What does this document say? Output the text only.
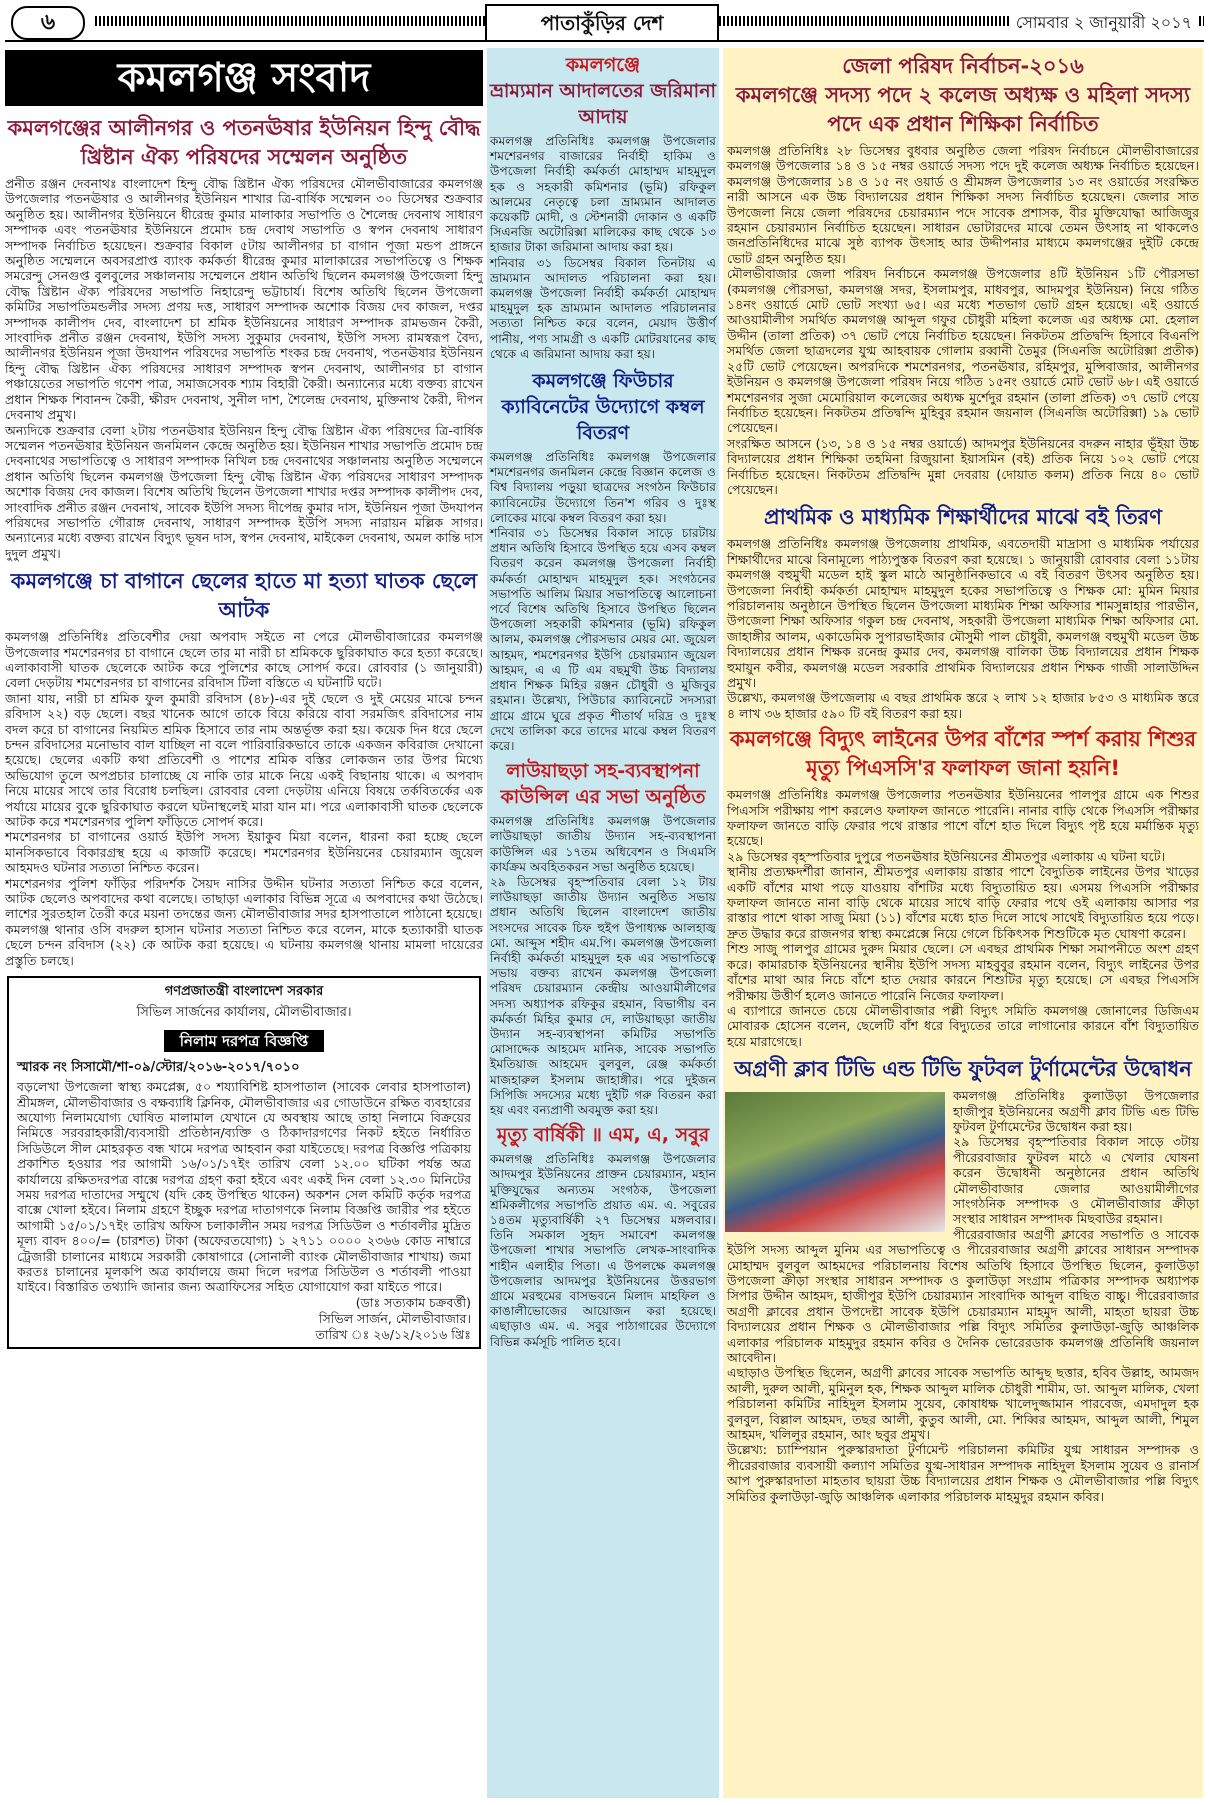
৬	পাতাকুঁড়ির দেশ	সোমবার ২ জানুয়ারী ২০১৭
কমলগঞ্জ সংবাদ
কমলগঞ্জের আলীনগর ও পতনঊষার ইউনিয়ন হিন্দু বৌদ্ধ খ্রিষ্টান ঐক্য পরিষদের সম্মেলন অনুষ্ঠিত

প্রনীত রঞ্জন দেবনাথঃ বাংলাদেশ হিন্দু বৌদ্ধ খ্রিষ্টান ঐক্য পরিষদের মৌলভীবাজারের কমলগঞ্জ উপজেলার পতনঊষার ও আলীনগর ইউনিয়ন শাখার ত্রি-বার্ষিক সম্মেলন ৩০ ডিসেম্বর শুক্রবার অনুষ্ঠিত হয়। আলীনগর ইউনিয়নে ধীরেন্দ্র কুমার মালাকার সভাপতি ও শৈলেন্দ্র দেবনাথ সাধারণ সম্পাদক এবং পতনঊষার ইউনিয়নে প্রমোদ চন্দ্র দেবাথ সভাপতি ও স্বপন দেবনাথ সাধারণ সম্পাদক নির্বাচিত হয়েছেন। শুক্রবার বিকাল ৫টায় আলীনগর চা বাগান পূজা মন্ডপ প্রাঙ্গনে অনুষ্ঠিত সম্মেলনে অবসরপ্রাপ্ত ব্যাংক কর্মকর্তা ধীরেন্দ্র কুমার মালাকারের সভাপতিত্বে ও শিক্ষক সমরেন্দু সেনগুপ্ত বুলবুলের সঞ্চালনায় সম্মেলনে প্রধান অতিথি ছিলেন কমলগঞ্জ উপজেলা হিন্দু বৌদ্ধ খ্রিষ্টান ঐক্য পরিষদের সভাপতি নিহারেন্দু ভট্টাচার্য। বিশেষ অতিথি ছিলেন উপজেলা কমিটির সভাপতিমন্ডলীর সদস্য প্রণয় দত্ত, সাধারণ সম্পাদক অশোক বিজয় দেব কাজল, দপ্তর সম্পাদক কালীপদ দেব, বাংলাদেশ চা শ্রমিক ইউনিয়নের সাধারণ সম্পাদক রামভজন কৈরী, সাংবাদিক প্রনীত রঞ্জন দেবনাথ, ইউপি সদস্য সুকুমার দেবনাথ, ইউপি সদস্য রামস্বরূপ বৈদ্য, আলীনগর ইউনিয়ন পূজা উদযাপন পরিষদের সভাপতি শংকর চন্দ্র দেবনাথ, পতনঊষার ইউনিয়ন হিন্দু বৌদ্ধ খ্রিষ্টান ঐক্য পরিষদের সাধারণ সম্পাদক স্বপন দেবনাথ, আলীনগর চা বাগান পঞ্চায়েতের সভাপতি গণেশ পাত্র, সমাজসেবক শ্যাম বিহারী কৈরী। অন্যান্যের মধ্যে বক্তব্য রাখেন প্রধান শিক্ষক শিবানন্দ কৈরী, ক্ষীরদ দেবনাথ, সুনীল দাশ, শৈলেন্দ্র দেবনাথ, মুক্তিনাথ কৈরী, দীপন দেবনাথ প্রমুখ।
অন্যদিকে শুক্রবার বেলা ২টায় পতনঊষার ইউনিয়ন হিন্দু বৌদ্ধ খ্রিষ্টান ঐক্য পরিষদের ত্রি-বার্ষিক সম্মেলন পতনঊষার ইউনিয়ন জনমিলন কেন্দ্রে অনুষ্ঠিত হয়। ইউনিয়ন শাখার সভাপতি প্রমোদ চন্দ্র দেবনাথের সভাপতিত্বে ও সাধারণ সম্পাদক নিখিল চন্দ্র দেবনাথের সঞ্চালনায় অনুষ্ঠিত সম্মেলনে প্রধান অতিথি ছিলেন কমলগঞ্জ উপজেলা হিন্দু বৌদ্ধ খ্রিষ্টান ঐক্য পরিষদের সাধারণ সম্পাদক অশোক বিজয় দেব কাজল। বিশেষ অতিথি ছিলেন উপজেলা শাখার দপ্তর সম্পাদক কালীপদ দেব, সাংবাদিক প্রনীত রঞ্জন দেবনাথ, সাবেক ইউপি সদস্য দীপেন্দ্র কুমার দাস, ইউনিয়ন পূজা উদযাপন পরিষদের সভাপতি গৌরাঙ্গ দেবনাথ, সাধারণ সম্পাদক ইউপি সদস্য নারায়ন মল্লিক সাগর। অন্যান্যের মধ্যে বক্তব্য রাখেন বিদ্যুৎ ভূষন দাস, স্বপন দেবনাথ, মাইকেল দেবনাথ, অমল কান্তি দাস দুদুল প্রমুখ।

কমলগঞ্জে চা বাগানে ছেলের হাতে মা হত্যা ঘাতক ছেলে আটক

কমলগঞ্জ প্রতিনিধিঃ প্রতিবেশীর দেয়া অপবাদ সইতে না পেরে মৌলভীবাজারের কমলগঞ্জ উপজেলার শমশেরনগর চা বাগানে ছেলে তার মা নারী চা শ্রমিককে ছুরিকাঘাত করে হত্যা করেছে। এলাকাবাসী ঘাতক ছেলেকে আটক করে পুলিশের কাছে সোপর্দ করে। রোববার (১ জানুয়ারী) বেলা দেড়টায় শমশেরনগর চা বাগানের রবিদাস টিলা বস্তিতে এ ঘটনাটি ঘটে।
জানা যায়, নারী চা শ্রমিক ফুল কুমারী রবিদাস (৪৮)-এর দুই ছেলে ও দুই মেয়ের মাঝে চন্দন রবিদাস ২২) বড় ছেলে। বছর খানেক আগে তাকে বিয়ে করিয়ে বাবা সরমজিৎ রবিদাসের নাম বদল করে চা বাগানের নিয়মিত শ্রমিক হিসাবে তার নাম অন্তর্ভূক্ত করা হয়। কয়েক দিন ধরে ছেলে চন্দন রবিদাসের মনোভাব বাল যাচ্ছিল না বলে পারিবারিকভাবে তাকে একজন কবিরাজ দেখানো হয়েছে। ছেলের একটি কথা প্রতিবেশী ও পাশের শ্রমিক বস্তির লোকজন তার উপর মিথ্যে অভিযোগ তুলে অপপ্রচার চালাচ্ছে যে নাকি তার মাকে নিয়ে একই বিছানায় থাকে। এ অপবাদ নিয়ে মায়ের সাথে তার বিরোধ চলছিল। রোববার বেলা দেড়টায় এনিয়ে বিষয়ে তর্কবিতর্কের এক পর্যায়ে মায়ের বুকে ছুরিকাঘাত করলে ঘটনাস্থলেই মারা যান মা। পরে এলাকাবাসী ঘাতক ছেলেকে আটক করে শমশেরনগর পুলিশ ফাঁড়িতে সোপর্দ করে।
শমশেরনগর চা বাগানের ওয়ার্ড ইউপি সদস্য ইয়াকুব মিয়া বলেন, ধারনা করা হচ্ছে ছেলে মানসিকভাবে বিকারগ্রস্থ হয়ে এ কাজটি করেছে। শমশেরনগর ইউনিয়নের চেয়ারম্যান জুয়েল আহমদও ঘটনার সত্যতা নিশ্চিত করেন।
শমশেরনগর পুলিশ ফাঁড়ির পরিদর্শক সৈয়দ নাসির উদ্দীন ঘটনার সত্যতা নিশ্চিত করে বলেন, আটক ছেলেও অপবাদের কথা বলেছে। তাছাড়া এলাকার বিভিন্ন সূত্রে এ অপবাদের কথা উঠেছে। লাশের সুরতহাল তৈরী করে ময়না তদন্তের জন্য মৌলভীবাজার সদর হাসপাতালে পাঠানো হয়েছে।
কমলগঞ্জ থানার ওসি বদরুল হাসান ঘটনার সত্যতা নিশ্চিত করে বলেন, মাকে হত্যাকারী ঘাতক ছেলে চন্দন রবিদাস (২২) কে আটক করা হয়েছে। এ ঘটনায় কমলগঞ্জ থানায় মামলা দায়েরের প্রস্তুতি চলছে।

গণপ্রজাতন্ত্রী বাংলাদেশ সরকার
সিভিল সার্জনের কার্যালয়, মৌলভীবাজার।
নিলাম দরপত্র বিজ্ঞপ্তি
স্মারক নং সিসামৌ/শা-০৯/স্টোর/২০১৬-২০১৭/৭০১০

বড়লেখা উপজেলা স্বাস্থ্য কমপ্লেক্স, ৫০ শয্যাবিশিষ্ট হাসপাতাল (সাবেক লেবার হাসপাতাল) শ্রীমঙ্গল, মৌলভীবাজার ও বক্ষব্যাধি ক্লিনিক, মৌলভীবাজার এর গোডাউনে রক্ষিত ব্যবহারের অযোগ্য নিলামযোগ্য ঘোষিত মালামাল যেখানে যে অবস্থায় আছে তাহা নিলামে বিক্রয়ের নিমিত্তে সরবরাহকারী/ব্যবসায়ী প্রতিষ্ঠান/ব্যক্তি ও ঠিকাদারগণের নিকট হইতে নির্ধারিত সিডিউলে সীল মোহরকৃত বন্ধ খামে দরপত্র আহবান করা যাইতেছে। দরপত্র বিজ্ঞপ্তি পত্রিকায় প্রকাশিত হওয়ার পর আগামী ১৬/০১/১৭ইং তারিখ বেলা ১২.০০ ঘটিকা পর্যন্ত অত্র কার্যালয়ে রক্ষিতদরপত্র বাক্সে দরপত্র গ্রহণ করা হইবে এবং একই দিন বেলা ১২.৩০ মিনিটের সময় দরপত্র দাতাদের সম্মুখে (যদি কেহ উপস্থিত থাকেন) অকশন সেল কমিটি কর্তৃক দরপত্র বাক্সে খোলা হইবে। নিলাম গ্রহণে ইচ্ছুক দরপত্র দাতাগণকে নিলাম বিজ্ঞপ্তি জারীর পর হইতে আগামী ১৫/০১/১৭ইং তারিখ অফিস চলাকালীন সময় দরপত্র সিডিউল ও শর্তাবলীর মুদ্রিত মূল্য বাবদ ৪০০/= (চারশত) টাকা (অফেরতযোগ্য) ১ ২৭১১ ০০০০ ২৩৬৬ কোড নাম্বারে ট্রেজারী চালানের মাধ্যমে সরকারী কোষাগারে (সোনালী ব্যাংক মৌলভীবাজার শাখায়) জমা করতঃ চালানের মূলকপি অত্র কার্যালয়ে জমা দিলে দরপত্র সিডিউল ও শর্তাবলী পাওয়া যাইবে। বিস্তারিত তথ্যাদি জানার জন্য অত্রাফিসের সহিত যোগাযোগ করা যাইতে পারে।

(ডাঃ সত্যকাম চক্রবর্ত্তী)
সিভিল সার্জন, মৌলভীবাজার।
তারিখ ঃ ২৬/১২/২০১৬ খ্রিঃ
কমলগঞ্জে
ভ্রাম্যমান আদালতের জরিমানা আদায়

কমলগঞ্জ প্রতিনিধিঃ কমলগঞ্জ উপজেলার শমশেরনগর বাজারের নির্বাহী হাকিম ও উপজেলা নির্বাহী কর্মকর্তা মোহাম্মদ মাহমুদুল হক ও সহকারী কমিশনার (ভূমি) রফিকুল আলমের নেতৃত্বে চলা ভ্রাম্যমান আদালত কয়েকটি মোদী, ও স্টেশনারী দোকান ও একটি সিএনজি অটোরিক্সা মালিকের কাছ থেকে ১৩ হাজার টাকা জরিমানা আদায় করা হয়।
শনিবার ৩১ ডিসেম্বর বিকাল তিনটায় এ ভ্রাম্যমান আদালত পরিচালনা করা হয়। কমলগঞ্জ উপজেলা নির্বাহী কর্মকর্তা মোহাম্মদ মাহমুদুল হক ভ্রাম্যমান আদালত পরিচালনার সত্যতা নিশ্চিত করে বলেন, মেয়াদ উত্তীর্ণ পানীয়, পণ্য সামগ্রী ও একটি মোটরযানের কাছ থেকে এ জরিমানা আদায় করা হয়।

কমলগঞ্জে ফিউচার ক্যাবিনেটের উদ্যোগে কম্বল বিতরণ

কমলগঞ্জ প্রতিনিধিঃ কমলগঞ্জ উপজেলার শমশেরনগর জনমিলন কেন্দ্রে বিজ্ঞান কলেজ ও বিশ্ব বিদ্যালয় পড়ুয়া ছাত্রদের সংগঠন ফিউচার ক্যাবিনেটের উদ্যোগে তিন'শ গরিব ও দুঃস্থ লোকের মাঝে কম্বল বিতরণ করা হয়।
শনিবার ৩১ ডিসেম্বর বিকাল সাড়ে চারটায় প্রধান অতিথি হিসাবে উপস্থিত হয়ে এসব কম্বল বিতরণ করেন কমলগঞ্জ উপজেলা নির্বাহী কর্মকর্তা মোহাম্মদ মাহমুদুল হক। সংগঠনের সভাপতি আলিম মিয়ার সভাপতিত্বে আলোচনা পর্বে বিশেষ অতিথি হিসাবে উপস্থিত ছিলেন উপজেলা সহকারী কমিশনার (ভূমি) রফিকুল আলম, কমলগঞ্জ পৌরসভার মেয়র মো. জুয়েল আহমদ, শমশেরনগর ইউপি চেয়ারম্যান জুয়েল আহমদ, এ এ টি এম বছমুখী উচ্চ বিদ্যালয় প্রধান শিক্ষক মিহির রঞ্জন চৌধুরী ও মুজিবুর রহমান। উল্লেখ্য, পিউচার ক্যাবিনেটে সদস্যরা গ্রামে গ্রামে ঘুরে প্রকৃত শীতার্থ দরিদ্র ও দুঃস্থ দেখে তালিকা করে তাদের মাঝে কম্বল বিতরণ করে।

লাউয়াছড়া সহ-ব্যবস্থাপনা কাউন্সিল এর সভা অনুষ্ঠিত

কমলগঞ্জ প্রতিনিধিঃ কমলগঞ্জ উপজেলার লাউয়াছড়া জাতীয় উদ্যান সহ-ব্যবস্থাপনা কাউন্সিল এর ১৭তম অধিবেশন ও সিএমসি কার্যক্রম অবহিতকরন সভা অনুষ্ঠিত হয়েছে।
২৯ ডিসেম্বর বৃহস্পতিবার বেলা ১২ টায় লাউয়াছড়া জাতীয় উদ্যান অনুষ্ঠিত সভায় প্রধান অতিথি ছিলেন বাংলাদেশ জাতীয় সংসদের সাবেক চিফ হুইপ উপাধ্যক্ষ আলহাজ্ব মো. আব্দুস শহীদ এম.পি। কমলগঞ্জ উপজেলা নির্বাহী কর্মকর্তা মাহমুদুল হক এর সভাপতিত্বে সভায় বক্তব্য রাখেন কমলগঞ্জ উপজেলা পরিষদ চেয়ারম্যান কেন্দ্রীয় আওয়ামীলীগের সদস্য অধ্যাপক রফিকুর রহমান, বিভাগীয় বন কর্মকর্তা মিহির কুমার দে, লাউয়াছড়া জাতীয় উদ্যান সহ-ব্যবস্থাপনা কমিটির সভাপতি মোসাদ্দেক আহমেদ মানিক, সাবেক সভাপতি ইমতিয়াজ আহমেদ বুলবুল, রেঞ্জ কর্মকর্তা মাজহারুল ইসলাম জাহাঙ্গীর। পরে দুইজন সিপিজি সদস্যের মধ্যে দুইটি গরু বিতরন করা হয় এবং বন্যপ্রাণী অবমুক্ত করা হয়।

মৃত্যু বার্ষিকী ॥ এম, এ, সবুর

কমলগঞ্জ প্রতিনিধিঃ কমলগঞ্জ উপজেলার আদমপুর ইউনিয়নের প্রাক্তন চেয়ারম্যান, মহান মুক্তিযুদ্ধের অন্যতম সংগঠক, উপজেলা শ্রমিকলীগের সভাপতি প্রয়াত এম. এ. সবুরের ১৪তম মৃত্যুবার্ষিকী ২৭ ডিসেম্বর মঙ্গলবার। তিনি সমকাল সুহৃদ সমাবেশ কমলগঞ্জ উপজেলা শাখার সভাপতি লেখক-সাংবাদিক শাহীন এলাহীর পিতা। এ উপলক্ষে কমলগঞ্জ উপজেলার আদমপুর ইউনিয়নের উত্তরভাগ গ্রামে মরহুমের বাসভবনে মিলাদ মাহফিল ও কাঙালীভোজের আয়োজন করা হয়েছে। এছাড়াও এম. এ. সবুর পাঠাগারের উদ্যোগে বিভিন্ন কর্মসূচি পালিত হবে।

জেলা পরিষদ নির্বাচন-২০১৬
কমলগঞ্জে সদস্য পদে ২ কলেজ অধ্যক্ষ ও মহিলা সদস্য পদে এক প্রধান শিক্ষিকা নির্বাচিত

কমলগঞ্জ প্রতিনিধিঃ ২৮ ডিসেম্বর বুধবার অনুষ্ঠিত জেলা পরিষদ নির্বাচনে মৌলভীবাজারের কমলগঞ্জ উপজেলার ১৪ ও ১৫ নম্বর ওয়ার্ডে সদস্য পদে দুই কলেজ অধ্যক্ষ নির্বাচিত হয়েছেন। কমলগঞ্জ উপজেলার ১৪ ও ১৫ নং ওয়ার্ড ও শ্রীমঙ্গল উপজেলার ১৩ নং ওয়ার্ডের সংরক্ষিত নারী আসনে এক উচ্চ বিদ্যালয়ের প্রধান শিক্ষিকা সদস্য নির্বাচিত হয়েছেন। জেলার সাত উপজেলা নিয়ে জেলা পরিষদের চেয়ারম্যান পদে সাবেক প্রশাসক, বীর মুক্তিযোদ্ধা আজিজুর রহমান চেয়ারম্যান নির্বাচিত হয়েছেন। সাধারন ভোটারদের মাঝে তেমন উৎসাহ না থাকলেও জনপ্রতিনিধিদের মাঝে সুষ্ঠ ব্যাপক উৎসাহ আর উদ্দীপনার মাধ্যমে কমলগঞ্জের দুইটি কেন্দ্রে ভোট গ্রহন অনুষ্ঠিত হয়।
মৌলভীবাজার জেলা পরিষদ নির্বাচনে কমলগঞ্জ উপজেলার ৪টি ইউনিয়ন ১টি পৌরসভা (কমলগঞ্জ পৌরসভা, কমলগঞ্জ সদর, ইসলামপুর, মাধবপুর, আদমপুর ইউনিয়ন) নিয়ে গঠিত ১৪নং ওয়ার্ডে মোট ভোট সংখ্যা ৬৫। এর মধ্যে শতভাগ ভোট গ্রহন হয়েছে। এই ওয়ার্ডে আওয়ামীলীগ সমর্থিত কমলগঞ্জ আব্দুল গফুর চৌধুরী মহিলা কলেজ এর অধ্যক্ষ মো. হেলাল উদ্দীন (তালা প্রতিক) ৩৭ ভোট পেয়ে নির্বাচিত হয়েছেন। নিকটতম প্রতিদ্বন্দি হিসাবে বিএনপি সমর্থিত জেলা ছাত্রদলের যুগ্ম আহবায়ক গোলাম রব্বানী তৈমুর (সিএনজি অটোরিক্সা প্রতীক) ২৫টি ভোট পেয়েছেন। অপরদিকে শমশেরনগর, পতনঊষার, রহিমপুর, মুন্সিবাজার, আলীনগর ইউনিয়ন ও কমলগঞ্জ উপজেলা পরিষদ নিয়ে গঠিত ১৫নং ওয়ার্ডে মোট ভোট ৬৮। এই ওয়ার্ডে শমশেরনগর সুজা মেমোরিয়াল কলেজের অধ্যক্ষ মুর্শেদুর রহমান (তালা প্রতিক) ৩৭ ভোট পেয়ে নির্বাচিত হয়েছেন। নিকটতম প্রতিদ্বন্দি মুহিবুর রহমান জয়নাল (সিএনজি অটোরিক্সা) ১৯ ভোট পেয়েছেন।
সংরক্ষিত আসনে (১৩, ১৪ ও ১৫ নম্বর ওয়ার্ডে) আদমপুর ইউনিয়নের বদরুন নাহার ভূঁইয়া উচ্চ বিদ্যালয়ের প্রধান শিক্ষিকা তহমিনা রিজুয়ানা ইয়াসমিন (বই) প্রতিক নিয়ে ১০২ ভোট পেয়ে নির্বাচিত হয়েছেন। নিকটতম প্রতিদ্বন্দি মুন্না দেবরায় (দোয়াত কলম) প্রতিক নিয়ে ৪০ ভোট পেয়েছেন।

প্রাথমিক ও মাধ্যমিক শিক্ষার্থীদের মাঝে বই তিরণ

কমলগঞ্জ প্রতিনিধিঃ কমলগঞ্জ উপজেলায় প্রাথমিক, এবতেদায়ী মাদ্রাসা ও মাধ্যমিক পর্যায়ের শিক্ষার্থীদের মাঝে বিনামূল্যে পাঠ্যপুস্তক বিতরণ করা হয়েছে। ১ জানুয়ারী রোববার বেলা ১১টায় কমলগঞ্জ বহুমুখী মডেল হাই স্কুল মাঠে আনুষ্ঠানিকভাবে এ বই বিতরণ উৎসব অনুষ্ঠিত হয়। উপজেলা নির্বাহী কর্মকর্তা মোহাম্মদ মাহমুদুল হকের সভাপতিত্বে ও শিক্ষক মো: মুমিন মিয়ার পরিচালনায় অনুষ্ঠানে উপস্থিত ছিলেন উপজেলা মাধ্যমিক শিক্ষা অফিসার শামসুন্নাহার পারভীন, উপজেলা শিক্ষা অফিসার গকুল চন্দ্র দেবনাথ, সহকারী উপজেলা মাধ্যমিক শিক্ষা অফিসার মো. জাহাঙ্গীর আলম, একাডেমিক সুপারভাইজার মৌসুমী পাল চৌধুরী, কমলগঞ্জ বহুমুখী মডেল উচ্চ বিদ্যালয়ের প্রধান শিক্ষক রনেন্দ্র কুমার দেব, কমলগঞ্জ বালিকা উচ্চ বিদ্যালয়ের প্রধান শিক্ষক হুমায়ুন কবীর, কমলগঞ্জ মডেল সরকারি প্রাথমিক বিদ্যালয়ের প্রধান শিক্ষক গাজী সালাউদ্দিন প্রমুখ।
উল্লেখ্য, কমলগঞ্জ উপজেলায় এ বছর প্রাথমিক স্তরে ২ লাখ ১২ হাজার ৮৫৩ ও মাধ্যমিক স্তরে ৪ লাখ ৩৬ হাজার ৫৯০ টি বই বিতরণ করা হয়।

কমলগঞ্জে বিদ্যুৎ লাইনের উপর বাঁশের স্পর্শ করায় শিশুর মৃত্যু পিএসসি'র ফলাফল জানা হয়নি!

কমলগঞ্জ প্রতিনিধিঃ কমলগঞ্জ উপজেলার পতনঊষার ইউনিয়নের পালপুর গ্রামে এক শিশুর পিএসসি পরীক্ষায় পাশ করলেও ফলাফল জানতে পারেনি। নানার বাড়ি থেকে পিএসসি পরীক্ষার ফলাফল জানতে বাড়ি ফেরার পথে রাস্তার পাশে বাঁশে হাত দিলে বিদ্যুৎ পৃষ্ট হয়ে মর্মান্তিক মৃত্যু হয়েছে।
২৯ ডিসেম্বর বৃহস্পতিবার দুপুরে পতনঊষার ইউনিয়নের শ্রীমতপুর এলাকায় এ ঘটনা ঘটে।
স্থানীয় প্রত্যক্ষদর্শীরা জানান, শ্রীমতপুর এলাকায় রাস্তার পাশে বৈদ্যুতিক লাইনের উপর খাড়ের একটি বাঁশের মাথা পড়ে যাওয়ায় বাঁশটির মধ্যে বিদ্যুতায়িত হয়। এসময় পিএসসি পরীক্ষার ফলাফল জানতে নানা বাড়ি থেকে মায়ের সাথে বাড়ি ফেরার পথে ওই এলাকায় আসার পর রাস্তার পাশে থাকা সাজু মিয়া (১১) বাঁশের মধ্যে হাত দিলে সাথে সাথেই বিদ্যুতায়িত হয়ে পড়ে। দ্রুত উদ্ধার করে রাজনগর স্বাস্থ্য কমপ্লেক্সে নিয়ে গেলে চিকিৎসক শিশুটিকে মৃত ঘোষণা করেন।
শিশু সাজু পালপুর গ্রামের দুরুদ মিয়ার ছেলে। সে এবছর প্রাথমিক শিক্ষা সমাপনীতে অংশ গ্রহণ করে। কামারচাক ইউনিয়নের স্থানীয় ইউপি সদস্য মাহবুবুর রহমান বলেন, বিদ্যুৎ লাইনের উপর বাঁশের মাথা আর নিচে বাঁশে হাত দেয়ার কারনে শিশুটির মৃত্যু হয়েছে। সে এবছর পিএসসি পরীক্ষায় উত্তীর্ণ হলেও জানতে পারেনি নিজের ফলাফল।
এ ব্যাপারে জানতে চেয়ে মৌলভীবাজার পল্লী বিদ্যুৎ সমিতি কমলগঞ্জ জোনালের ডিজিএম মোবারক হোসেন বলেন, ছেলেটি বাঁশ ধরে বিদ্যুতের তারে লাগানোর কারনে বাঁশ বিদ্যুতায়িত হয়ে মারাগেছে।

অগ্রণী ক্লাব টিভি এন্ড টিভি ফুটবল টুর্ণামেন্টের উদ্বোধন

কমলগঞ্জ প্রতিনিধিঃ কুলাউড়া উপজেলার হাজীপুর ইউনিয়নের অগ্রণী ক্লাব টিভি এন্ড টিভি ফুটবল টুর্ণামেন্টের উদ্বোধন করা হয়।
২৯ ডিসেম্বর বৃহস্পতিবার বিকাল সাড়ে ৩টায় পীরেরবাজার ফুটবল মাঠে এ খেলার ঘোষনা করেন উদ্বোধনী অনুষ্ঠানের প্রধান অতিথি মৌলভীবাজার জেলার আওয়ামীলীগের সাংগঠনিক সম্পাদক ও মৌলভীবাজার ক্রীড়া সংস্থার সাধারন সম্পাদক মিছবাউর রহমান।
পীরেরবাজার অগ্রণী ক্লাবের সভাপতি ও সাবেক ইউপি সদস্য আব্দুল মুনিম এর সভাপতিত্বে ও পীরেরবাজার অগ্রণী ক্লাবের সাধারন সম্পাদক মোহাম্মদ বুলবুল আহমদের পরিচালনায় বিশেষ অতিথি হিসাবে উপস্থিত ছিলেন, কুলাউড়া উপজেলা ক্রীড়া সংস্থার সাধারন সম্পাদক ও কুলাউড়া সংগ্রাম পত্রিকার সম্পাদক অধ্যাপক সিপার উদ্দীন আহমদ, হাজীপুর ইউপি চেয়ারম্যান সাংবাদিক আব্দুল বাছিত বাচ্চু। পীরেরবাজার অগ্রণী ক্লাবের প্রধান উপদেষ্টা সাবেক ইউপি চেয়ারম্যান মাহমুদ আলী, মাহতা ছায়রা উচ্চ বিদ্যালয়ের প্রধান শিক্ষক ও মৌলভীবাজার পল্লি বিদ্যুৎ সমিতির কুলাউড়া-জুড়ি আঞ্চলিক এলাকার পরিচালক মাহমুদুর রহমান কবির ও দৈনিক ভোরেরডাক কমলগঞ্জ প্রতিনিধি জয়নাল আবেদীন।
এছাড়াও উপস্থিত ছিলেন, অগ্রণী ক্লাবের সাবেক সভাপতি আব্দুছ ছত্তার, হবিব উল্লাহ, আমজদ আলী, দুরুল আলী, মুমিনুল হক, শিক্ষক আব্দুল মালিক চৌধুরী শামীম, ডা. আব্দুল মালিক, খেলা পরিচালনা কমিটির নাহিদুল ইসলাম সুয়েব, কোষাধক্ষ খালেদুজ্জামান পারবেজ, এমদাদুল হক বুলবুল, বিল্লাল আহমদ, তছর আলী, কুতুব আলী, মো. শিব্বির আহমদ, আব্দুল আলী, শিমুল আহমদ, খলিলুর রহমান, আং ছবুর প্রমুখ।
উল্লেখ্য: চ্যাম্পিয়ান পুরুস্কারদাতা টুর্ণামেন্ট পরিচালনা কমিটির যুগ্ম সাধারন সম্পাদক ও পীরেরবাজার ব্যবসায়ী কল্যাণ সমিতির যুগ্ম-সাধারন সম্পাদক নাহিদুল ইসলাম সুয়েব ও রানার্স আপ পুরুস্কারদাতা মাহতাব ছায়রা উচ্চ বিদ্যালয়ের প্রধান শিক্ষক ও মৌলভীবাজার পল্লি বিদ্যুৎ সমিতির কুলাউড়া-জুড়ি আঞ্চলিক এলাকার পরিচালক মাহমুদুর রহমান কবির।
